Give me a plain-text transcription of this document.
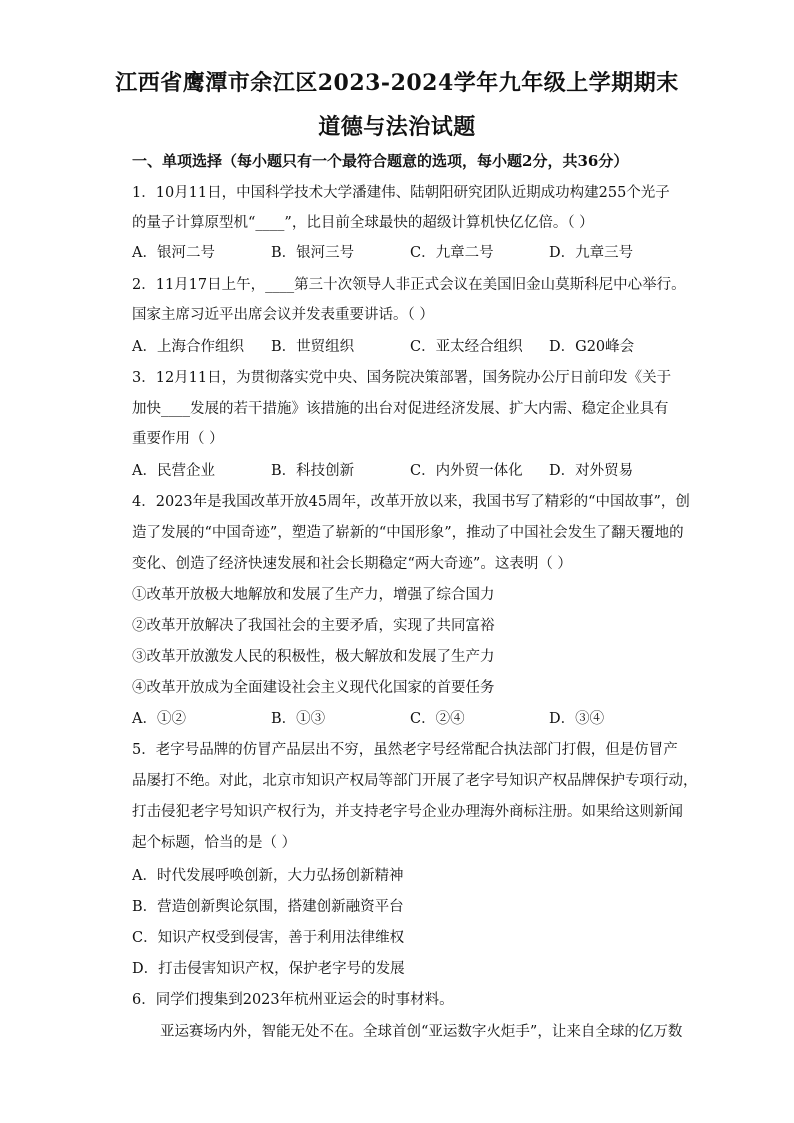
江西省鹰潭市余江区2023-2024学年九年级上学期期末
道德与法治试题
一、单项选择（每小题只有一个最符合题意的选项，每小题2分，共36分）
1．10月11日，中国科学技术大学潘建伟、陆朝阳研究团队近期成功构建255个光子
的量子计算原型机“____”，比目前全球最快的超级计算机快亿亿倍。（ ）
A．银河二号	B．银河三号	C．九章二号	D．九章三号
2．11月17日上午，____第三十次领导人非正式会议在美国旧金山莫斯科尼中心举行。
国家主席习近平出席会议并发表重要讲话。（ ）
A．上海合作组织 B．世贸组织	C．亚太经合组织 D．G20峰会
3．12月11日，为贯彻落实党中央、国务院决策部署，国务院办公厅日前印发《关于
加快____发展的若干措施》该措施的出台对促进经济发展、扩大内需、稳定企业具有
重要作用（ ）
A．民营企业	B．科技创新	C．内外贸一体化 D．对外贸易
4．2023年是我国改革开放45周年，改革开放以来，我国书写了精彩的“中国故事”，创
造了发展的“中国奇迹”，塑造了崭新的“中国形象”，推动了中国社会发生了翻天覆地的
变化、创造了经济快速发展和社会长期稳定“两大奇迹”。这表明（ ）
①改革开放极大地解放和发展了生产力，增强了综合国力
②改革开放解决了我国社会的主要矛盾，实现了共同富裕
③改革开放激发人民的积极性，极大解放和发展了生产力
④改革开放成为全面建设社会主义现代化国家的首要任务
A．①②	B．①③	C．②④	D．③④
5．老字号品牌的仿冒产品层出不穷，虽然老字号经常配合执法部门打假，但是仿冒产
品屡打不绝。对此，北京市知识产权局等部门开展了老字号知识产权品牌保护专项行动，
打击侵犯老字号知识产权行为，并支持老字号企业办理海外商标注册。如果给这则新闻
起个标题，恰当的是（ ）
A．时代发展呼唤创新，大力弘扬创新精神
B．营造创新舆论氛围，搭建创新融资平台
C．知识产权受到侵害，善于利用法律维权
D．打击侵害知识产权，保护老字号的发展
6．同学们搜集到2023年杭州亚运会的时事材料。
亚运赛场内外，智能无处不在。全球首创“亚运数字火炬手”，让来自全球的亿万数
